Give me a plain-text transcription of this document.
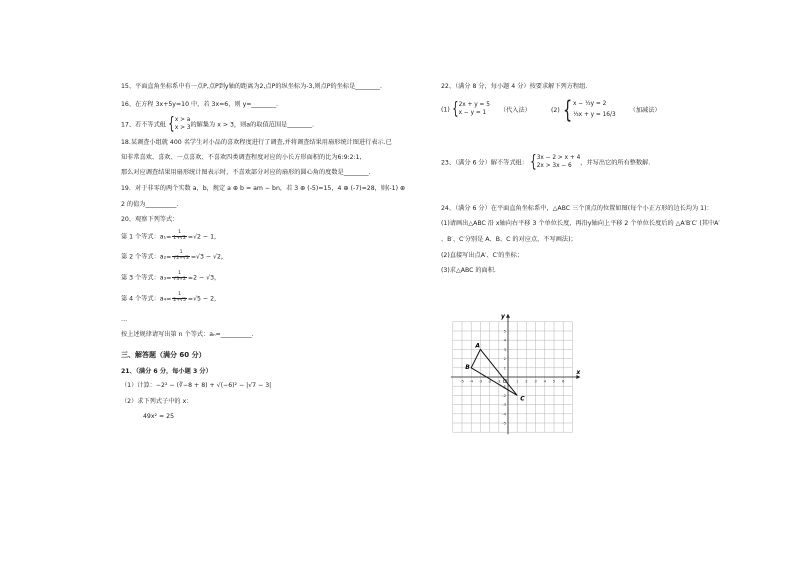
15、平面直角坐标系中有一点P,点P到y轴的距离为2,点P的纵坐标为-3,则点P的坐标是________.
16、在方程 3x+5y=10 中，若 3x=6，则 y=________.
17、若不等式组 {x > a
x > 3的解集为 x > 3，则a的取值范围是________.
18.某调查小组就 400 名学生对小品的喜欢程度进行了调查,并将调查结果用扇形统计图进行表示.已
知非常喜欢、喜欢、一点喜欢、不喜欢四类调查程度对应的小长方形面积的比为6:9:2:1,
那么对应调查结果用扇形统计图表示时，不喜欢部分对应的扇形的圆心角的度数是________.
19．对于非零的两个实数 a，b，规定 a ⊕ b = am − bn，若 3 ⊕ (-5)=15，4 ⊕ (-7)=28，则(-1) ⊕
2 的值为__________.
20、观察下列等式：
第 1 个等式：$a_1= \frac{1}{1+√2} =√2 - 1$，
第 2 个等式：$a_2= \frac{1}{√2+√3} =√3 - √2$，
第 3 个等式：$a_3= \frac{1}{√3+2} =2 - √3$，
第 4 个等式：$a_4= \frac{1}{2+√5} =√5 - 2$，
…
按上述规律请写出第 n 个等式：aₙ=__________.
三、解答题（满分 60 分）
21、（满分 6 分，每小题 3 分）
（1）计算：−2² − (∛−8 + 8) + √(−6)² − |√7 − 3|
（2）求下列式子中的 x：
49x² = 25
22、（满分 8 分，每小题 4 分）按要求解下列方程组.
(1) {2x + y = 5
x − y = 1 （代入法）	(2) {x − ½y = 2
⅓x + y = 16/3（加减法）
23、（满分 6 分）解不等式组： {3x − 2 > x + 4
2x > 3x − 6 ，并写出它的所有整数解.
24、（满分 6 分）在平面直角坐标系中，△ABC 三个顶点的位置如图(每个小正方形的边长均为 1)：
(1)请画出△ABC 沿 x轴向右平移 3 个单位长度，再沿y轴向上平移 2 个单位长度后的 △A′B′C′ (其中A′
、B′、C′分别是 A、B、C 的对应点，不写画法)；
(2)直接写出点A′、C′的坐标；
(3)求△ABC 的面积.
x
y
O
-5 -4 -3 -2 -1	1 2 3 4 5 6
5
4
3
2
1
-1
-2
-3
-4
-5
A
B
C
